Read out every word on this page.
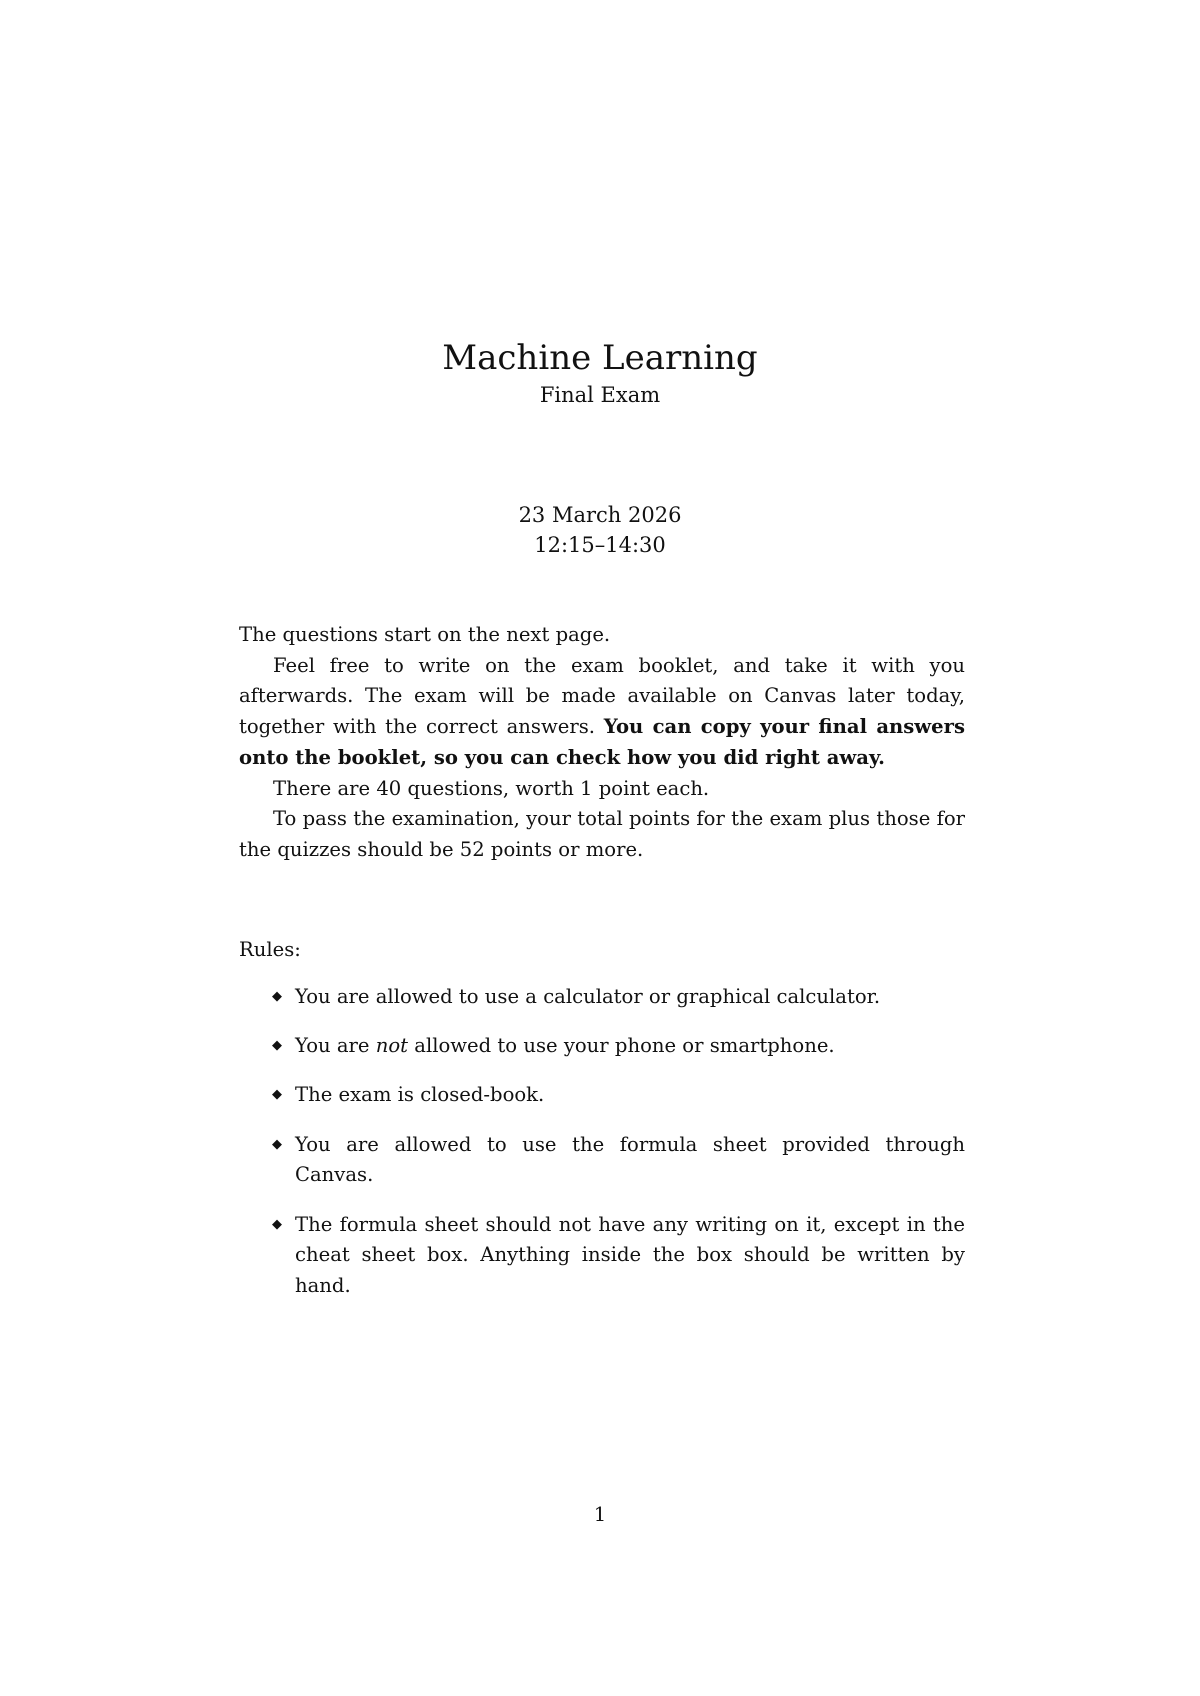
Machine Learning
Final Exam
23 March 2026
12:15–14:30

The questions start on the next page.

Feel free to write on the exam booklet, and take it with you afterwards. The exam will be made available on Canvas later today, together with the correct answers. You can copy your final answers onto the booklet, so you can check how you did right away.

There are 40 questions, worth 1 point each.

To pass the examination, your total points for the exam plus those for the quizzes should be 52 points or more.

Rules:
◆ You are allowed to use a calculator or graphical calculator.
◆ You are not allowed to use your phone or smartphone.
◆ The exam is closed-book.
◆ You are allowed to use the formula sheet provided through Canvas.
◆ The formula sheet should not have any writing on it, except in the cheat sheet box. Anything inside the box should be written by hand.
1
